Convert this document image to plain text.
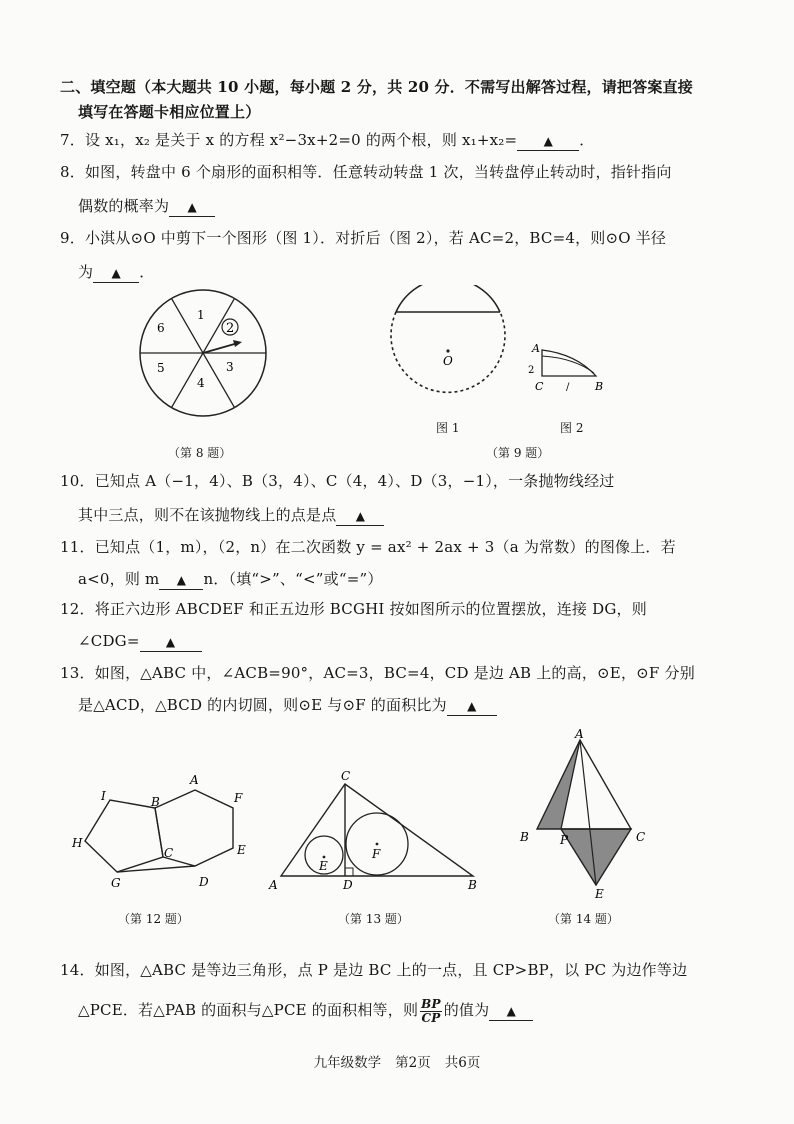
二、填空题（本大题共 10 小题，每小题 2 分，共 20 分．不需写出解答过程，请把答案直接
填写在答题卡相应位置上）
7．设 x₁，x₂ 是关于 x 的方程 x²−3x+2=0 的两个根，则 x₁+x₂= ▲ ．
8．如图，转盘中 6 个扇形的面积相等．任意转动转盘 1 次，当转盘停止转动时，指针指向
偶数的概率为 ▲
9．小淇从⊙O 中剪下一个图形（图 1）．对折后（图 2），若 AC=2，BC=4，则⊙O 半径
为 ▲ ．
1
2
3
4
5
6
（第 8 题）
O
A
2
C / B
图 1	图 2
（第 9 题）
10．已知点 A（−1，4）、B（3，4）、C（4，4）、D（3，−1），一条抛物线经过
其中三点，则不在该抛物线上的点是点 ▲
11．已知点（1，m），（2，n）在二次函数 y = ax² + 2ax + 3（a 为常数）的图像上．若
a<0，则 m ▲ n．（填“>”、“<”或“=”）
12．将正六边形 ABCDEF 和正五边形 BCGHI 按如图所示的位置摆放，连接 DG，则
∠CDG= ▲
13．如图，△ABC 中，∠ACB=90°，AC=3，BC=4，CD 是边 AB 上的高，⊙E，⊙F 分别
是△ACD，△BCD 的内切圆，则⊙E 与⊙F 的面积比为 ▲
A
B
C
D
E
F
G
H
I
（第 12 题）
C
A	D	B
E
F
（第 13 题）
A
B	C
P
E
（第 14 题）
14．如图，△ABC 是等边三角形，点 P 是边 BC 上的一点，且 CP>BP，以 PC 为边作等边
△PCE．若△PAB 的面积与△PCE 的面积相等，则 $\frac{BP}{CP}$ 的值为 ▲
九年级数学 第2页 共6页
